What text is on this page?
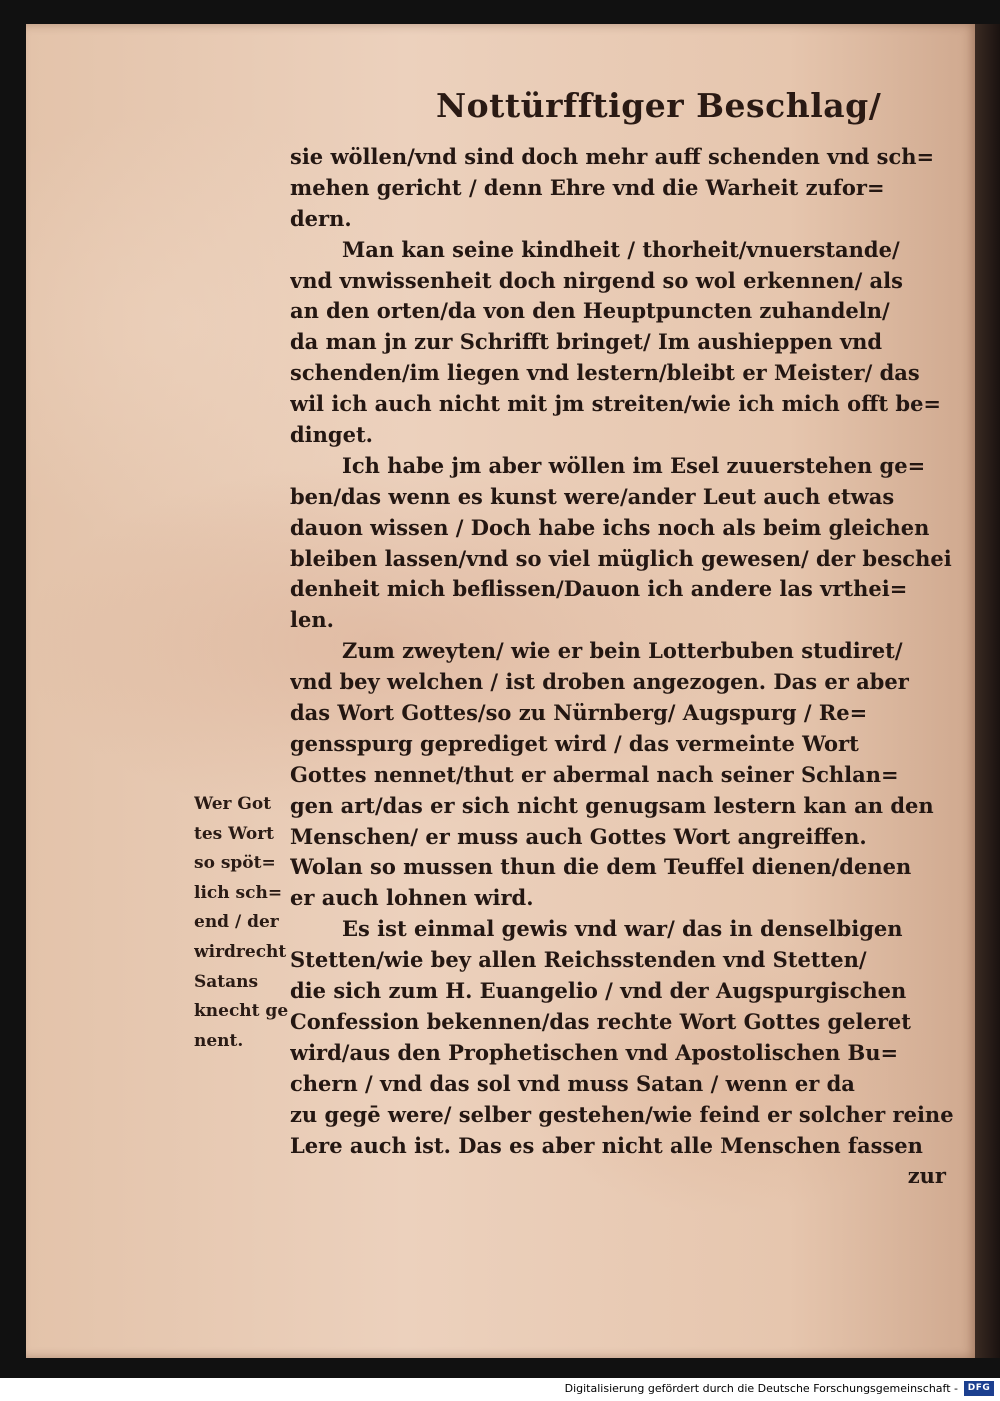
Nottürfftiger Beschlag/
sie wöllen/vnd sind doch mehr auff schenden vnd sch=
mehen gericht / denn Ehre vnd die Warheit zufor=
dern.
Man kan seine kindheit / thorheit/vnuerstande/
vnd vnwissenheit doch nirgend so wol erkennen/ als
an den orten/da von den Heuptpuncten zuhandeln/
da man jn zur Schrifft bringet/ Im aushieppen vnd
schenden/im liegen vnd lestern/bleibt er Meister/ das
wil ich auch nicht mit jm streiten/wie ich mich offt be=
dinget.
Ich habe jm aber wöllen im Esel zuuerstehen ge=
ben/das wenn es kunst were/ander Leut auch etwas
dauon wissen / Doch habe ichs noch als beim gleichen
bleiben lassen/vnd so viel müglich gewesen/ der beschei
denheit mich beflissen/Dauon ich andere las vrthei=
len.
Zum zweyten/ wie er bein Lotterbuben studiret/
vnd bey welchen / ist droben angezogen. Das er aber
das Wort Gottes/so zu Nürnberg/ Augspurg / Re=
gensspurg geprediget wird / das vermeinte Wort
Gottes nennet/thut er abermal nach seiner Schlan=
gen art/das er sich nicht genugsam lestern kan an den
Menschen/ er muss auch Gottes Wort angreiffen.
Wolan so mussen thun die dem Teuffel dienen/denen
er auch lohnen wird.
Es ist einmal gewis vnd war/ das in denselbigen
Stetten/wie bey allen Reichsstenden vnd Stetten/
die sich zum H. Euangelio / vnd der Augspurgischen
Confession bekennen/das rechte Wort Gottes geleret
wird/aus den Prophetischen vnd Apostolischen Bu=
chern / vnd das sol vnd muss Satan / wenn er da
zu gegē were/ selber gestehen/wie feind er solcher reine
Lere auch ist. Das es aber nicht alle Menschen fassen
zur
Wer Got
tes Wort
so spöt=
lich sch=
end / der
wirdrecht
Satans
knecht ge
nent.
Digitalisierung gefördert durch die Deutsche Forschungsgemeinschaft -	DFG
